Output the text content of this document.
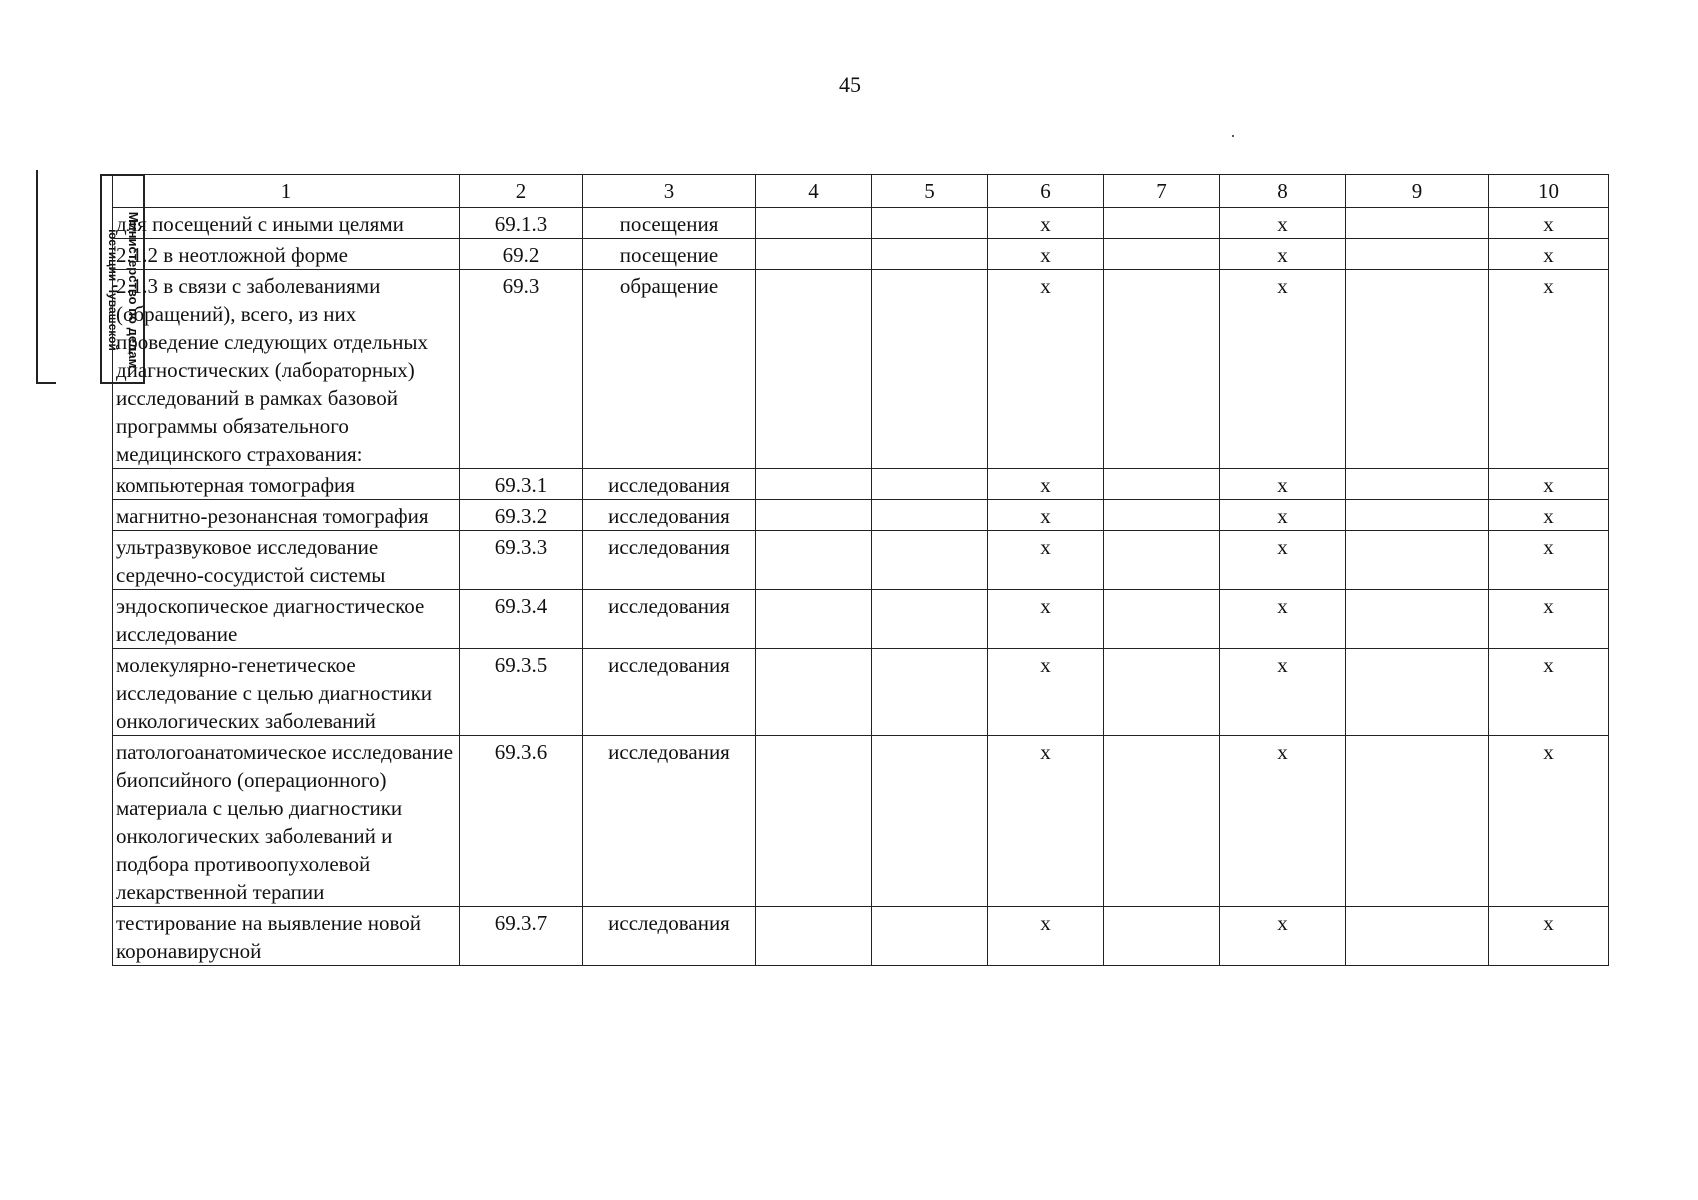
45
Министерство по делам
юстиции Чувашской
1	2	3	4	5	6	7	8	9	10
для посещений с иными целями	69.1.3	посещения			х		х		х
2.1.2 в неотложной форме	69.2	посещение			х		х		х
2.1.3 в связи с заболеваниями (обращений), всего, из них проведение следующих отдельных диагностических (лабораторных) исследований в рамках базовой программы обязательного медицинского страхования:	69.3	обращение			х		х		х
компьютерная томография	69.3.1	исследования			х		х		х
магнитно-резонансная томография	69.3.2	исследования			х		х		х
ультразвуковое исследование сердечно-сосудистой системы	69.3.3	исследования			х		х		х
эндоскопическое диагностическое исследование	69.3.4	исследования			х		х		х
молекулярно-генетическое исследование с целью диагностики онкологических заболеваний	69.3.5	исследования			х		х		х
патологоанатомическое исследование биопсийного (операционного) материала с целью диагностики онкологических заболеваний и подбора противоопухолевой лекарственной терапии	69.3.6	исследования			х		х		х
тестирование на выявление новой коронавирусной	69.3.7	исследования			х		х		х
